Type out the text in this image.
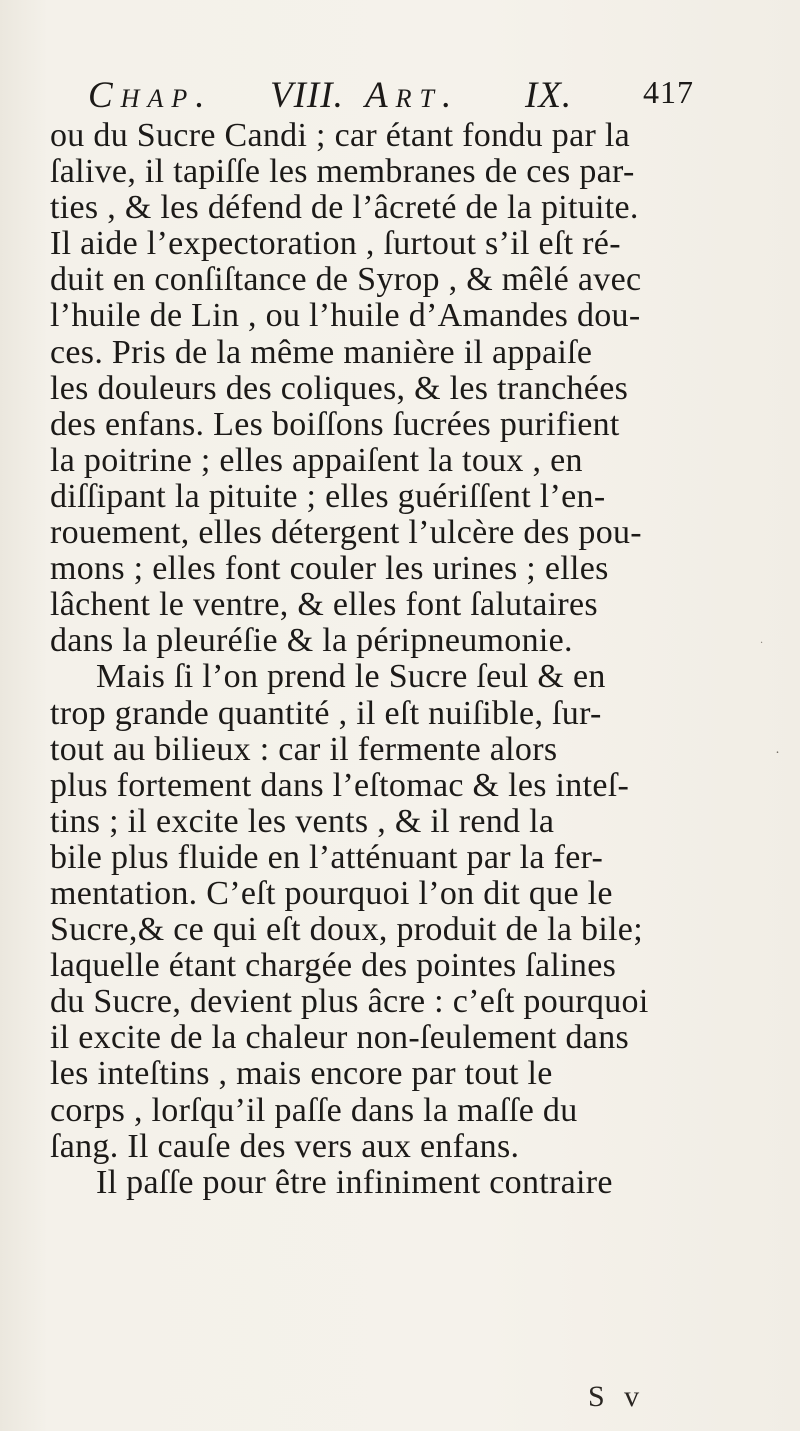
Chap. VIII. Art. IX. 417
ou du Sucre Candi ; car étant fondu par la
ſalive, il tapiſſe les membranes de ces par-
ties , & les défend de l’âcreté de la pituite.
Il aide l’expectoration , ſurtout s’il eſt ré-
duit en conſiſtance de Syrop , & mêlé avec
l’huile de Lin , ou l’huile d’Amandes dou-
ces. Pris de la même manière il appaiſe
les douleurs des coliques, & les tranchées
des enfans. Les boiſſons ſucrées purifient
la poitrine ; elles appaiſent la toux , en
diſſipant la pituite ; elles guériſſent l’en-
rouement, elles détergent l’ulcère des pou-
mons ; elles font couler les urines ; elles
lâchent le ventre, & elles font ſalutaires
dans la pleuréſie & la péripneumonie.
Mais ſi l’on prend le Sucre ſeul & en
trop grande quantité , il eſt nuiſible, ſur-
tout au bilieux : car il fermente alors
plus fortement dans l’eſtomac & les inteſ-
tins ; il excite les vents , & il rend la
bile plus fluide en l’atténuant par la fer-
mentation. C’eſt pourquoi l’on dit que le
Sucre,& ce qui eſt doux, produit de la bile;
laquelle étant chargée des pointes ſalines
du Sucre, devient plus âcre : c’eſt pourquoi
il excite de la chaleur non-ſeulement dans
les inteſtins , mais encore par tout le
corps , lorſqu’il paſſe dans la maſſe du
ſang. Il cauſe des vers aux enfans.
Il paſſe pour être infiniment contraire
S v
·
˙
